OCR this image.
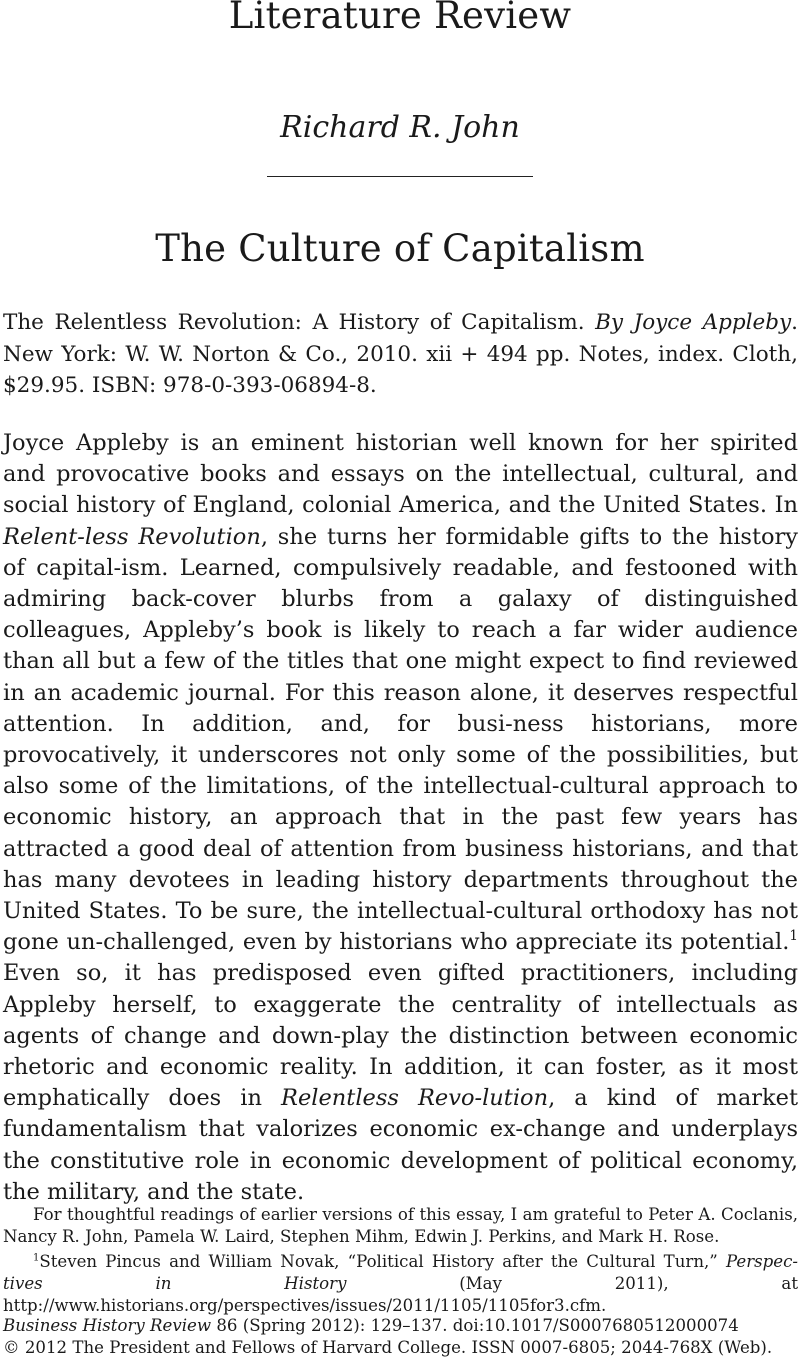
Literature Review
Richard R. John
The Culture of Capitalism
The Relentless Revolution: A History of Capitalism. By Joyce Appleby. New York: W. W. Norton & Co., 2010. xii + 494 pp. Notes, index. Cloth, $29.95. ISBN: 978-0-393-06894-8.

Joyce Appleby is an eminent historian well known for her spirited and provocative books and essays on the intellectual, cultural, and social history of England, colonial America, and the United States. In Relent-less Revolution, she turns her formidable gifts to the history of capital-ism. Learned, compulsively readable, and festooned with admiring back-cover blurbs from a galaxy of distinguished colleagues, Appleby’s book is likely to reach a far wider audience than all but a few of the titles that one might expect to find reviewed in an academic journal. For this reason alone, it deserves respectful attention. In addition, and, for busi-ness historians, more provocatively, it underscores not only some of the possibilities, but also some of the limitations, of the intellectual-cultural approach to economic history, an approach that in the past few years has attracted a good deal of attention from business historians, and that has many devotees in leading history departments throughout the United States. To be sure, the intellectual-cultural orthodoxy has not gone un-challenged, even by historians who appreciate its potential.$^1$ Even so, it has predisposed even gifted practitioners, including Appleby herself, to exaggerate the centrality of intellectuals as agents of change and down-play the distinction between economic rhetoric and economic reality. In addition, it can foster, as it most emphatically does in Relentless Revo-lution, a kind of market fundamentalism that valorizes economic ex-change and underplays the constitutive role in economic development of political economy, the military, and the state.

For thoughtful readings of earlier versions of this essay, I am grateful to Peter A. Coclanis, Nancy R. John, Pamela W. Laird, Stephen Mihm, Edwin J. Perkins, and Mark H. Rose.

$^1$Steven Pincus and William Novak, “Political History after the Cultural Turn,” Perspec-tives in History (May 2011), at http://www.historians.org/perspectives/issues/2011/1105/1105for3.cfm.

Business History Review 86 (Spring 2012): 129–137. doi:10.1017/S0007680512000074
© 2012 The President and Fellows of Harvard College. ISSN 0007-6805; 2044-768X (Web).
